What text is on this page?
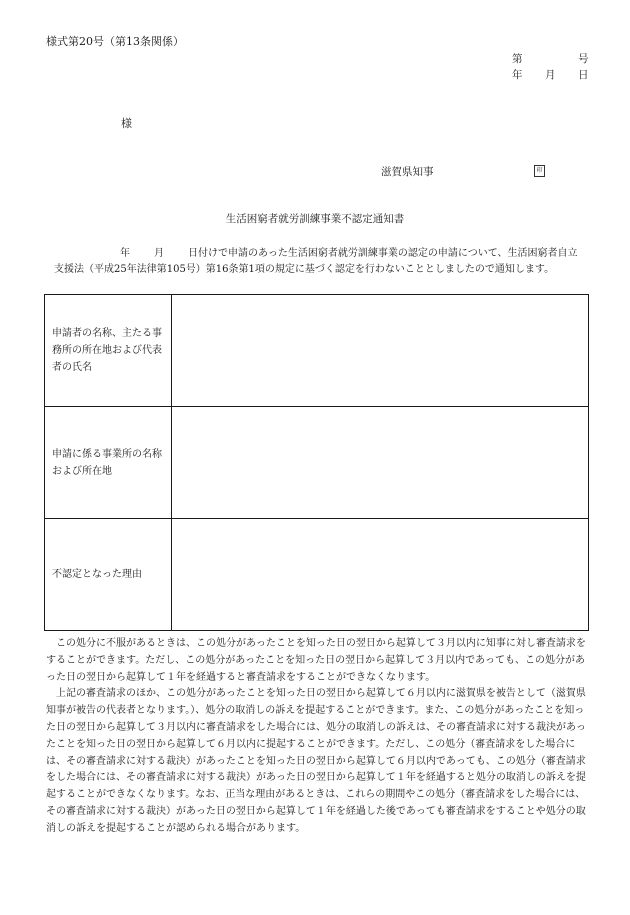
様式第20号（第13条関係）
第	号
年 月 日
様
滋賀県知事	印
生活困窮者就労訓練事業不認定通知書
年 月 日付けで申請のあった生活困窮者就労訓練事業の認定の申請について、生活困窮者自立
支援法（平成25年法律第105号）第16条第1項の規定に基づく認定を行わないこととしましたので通知します。
申請者の名称、主たる事務所の所在地および代表者の氏名	
申請に係る事業所の名称および所在地	
不認定となった理由	

この処分に不服があるときは、この処分があったことを知った日の翌日から起算して３月以内に知事に対し審査請求をすることができます。ただし、この処分があったことを知った日の翌日から起算して３月以内であっても、この処分があった日の翌日から起算して１年を経過すると審査請求をすることができなくなります。

上記の審査請求のほか、この処分があったことを知った日の翌日から起算して６月以内に滋賀県を被告として（滋賀県知事が被告の代表者となります。）、処分の取消しの訴えを提起することができます。また、この処分があったことを知った日の翌日から起算して３月以内に審査請求をした場合には、処分の取消しの訴えは、その審査請求に対する裁決があったことを知った日の翌日から起算して６月以内に提起することができます。ただし、この処分（審査請求をした場合には、その審査請求に対する裁決）があったことを知った日の翌日から起算して６月以内であっても、この処分（審査請求をした場合には、その審査請求に対する裁決）があった日の翌日から起算して１年を経過すると処分の取消しの訴えを提起することができなくなります。なお、正当な理由があるときは、これらの期間やこの処分（審査請求をした場合には、その審査請求に対する裁決）があった日の翌日から起算して１年を経過した後であっても審査請求をすることや処分の取消しの訴えを提起することが認められる場合があります。
